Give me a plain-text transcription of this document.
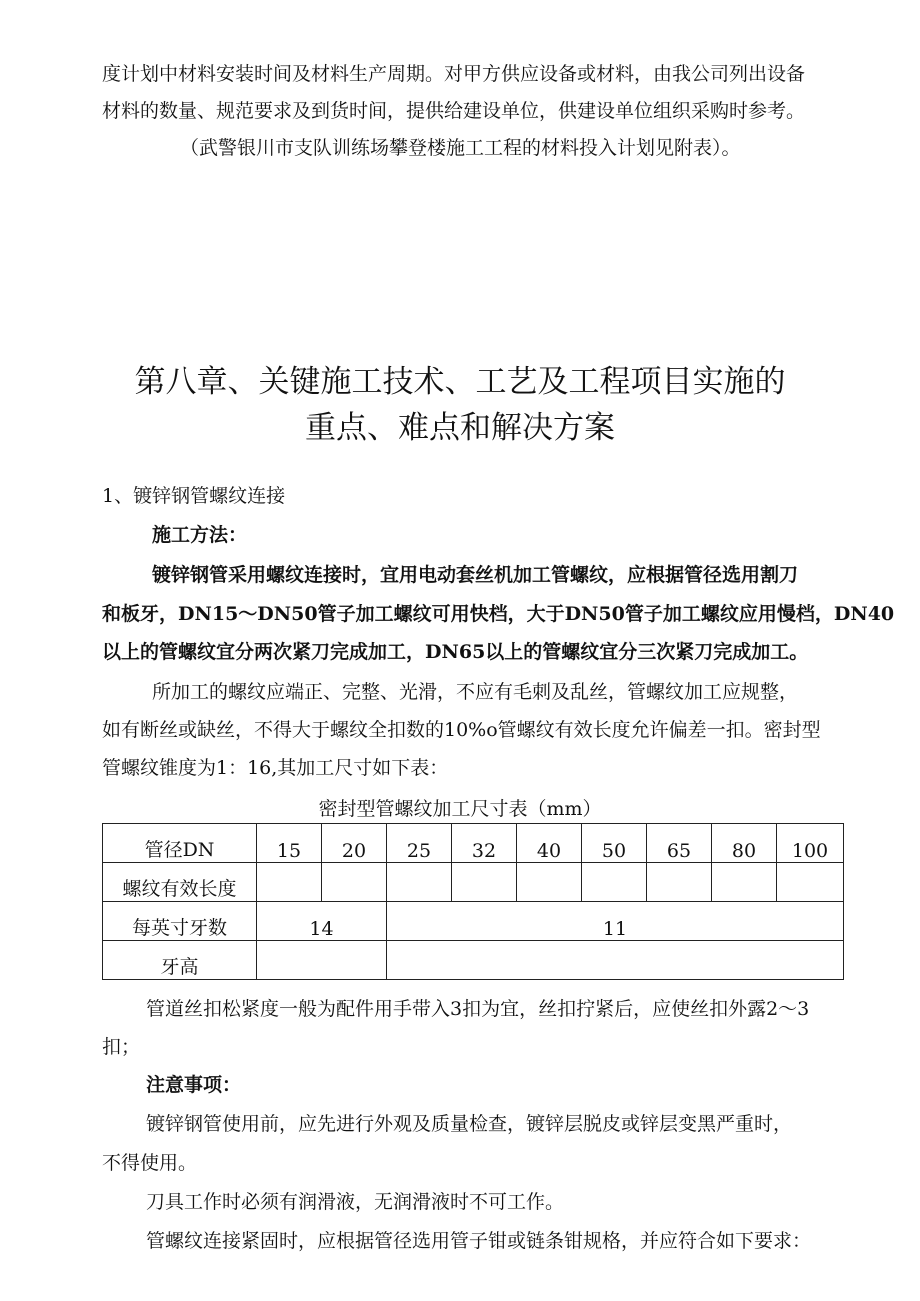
度计划中材料安装时间及材料生产周期。对甲方供应设备或材料，由我公司列出设备

材料的数量、规范要求及到货时间，提供给建设单位，供建设单位组织采购时参考。

（武警银川市支队训练场攀登楼施工工程的材料投入计划见附表）。

第八章、关键施工技术、工艺及工程项目实施的
重点、难点和解决方案

1、镀锌钢管螺纹连接

施工方法：

镀锌钢管采用螺纹连接时，宜用电动套丝机加工管螺纹，应根据管径选用割刀

和板牙，DN15～DN50管子加工螺纹可用快档，大于DN50管子加工螺纹应用慢档，DN40

以上的管螺纹宜分两次紧刀完成加工，DN65以上的管螺纹宜分三次紧刀完成加工。

所加工的螺纹应端正、完整、光滑，不应有毛刺及乱丝，管螺纹加工应规整，

如有断丝或缺丝，不得大于螺纹全扣数的10%o管螺纹有效长度允许偏差一扣。密封型

管螺纹锥度为1：16,其加工尺寸如下表：

密封型管螺纹加工尺寸表（mm）

管径DN	15	20	25	32	40	50	65	80	100
螺纹有效长度									
每英寸牙数	14		11						
牙高									

管道丝扣松紧度一般为配件用手带入3扣为宜，丝扣拧紧后，应使丝扣外露2～3

扣；

注意事项：

镀锌钢管使用前，应先进行外观及质量检查，镀锌层脱皮或锌层变黑严重时，

不得使用。

刀具工作时必须有润滑液，无润滑液时不可工作。

管螺纹连接紧固时，应根据管径选用管子钳或链条钳规格，并应符合如下要求：
